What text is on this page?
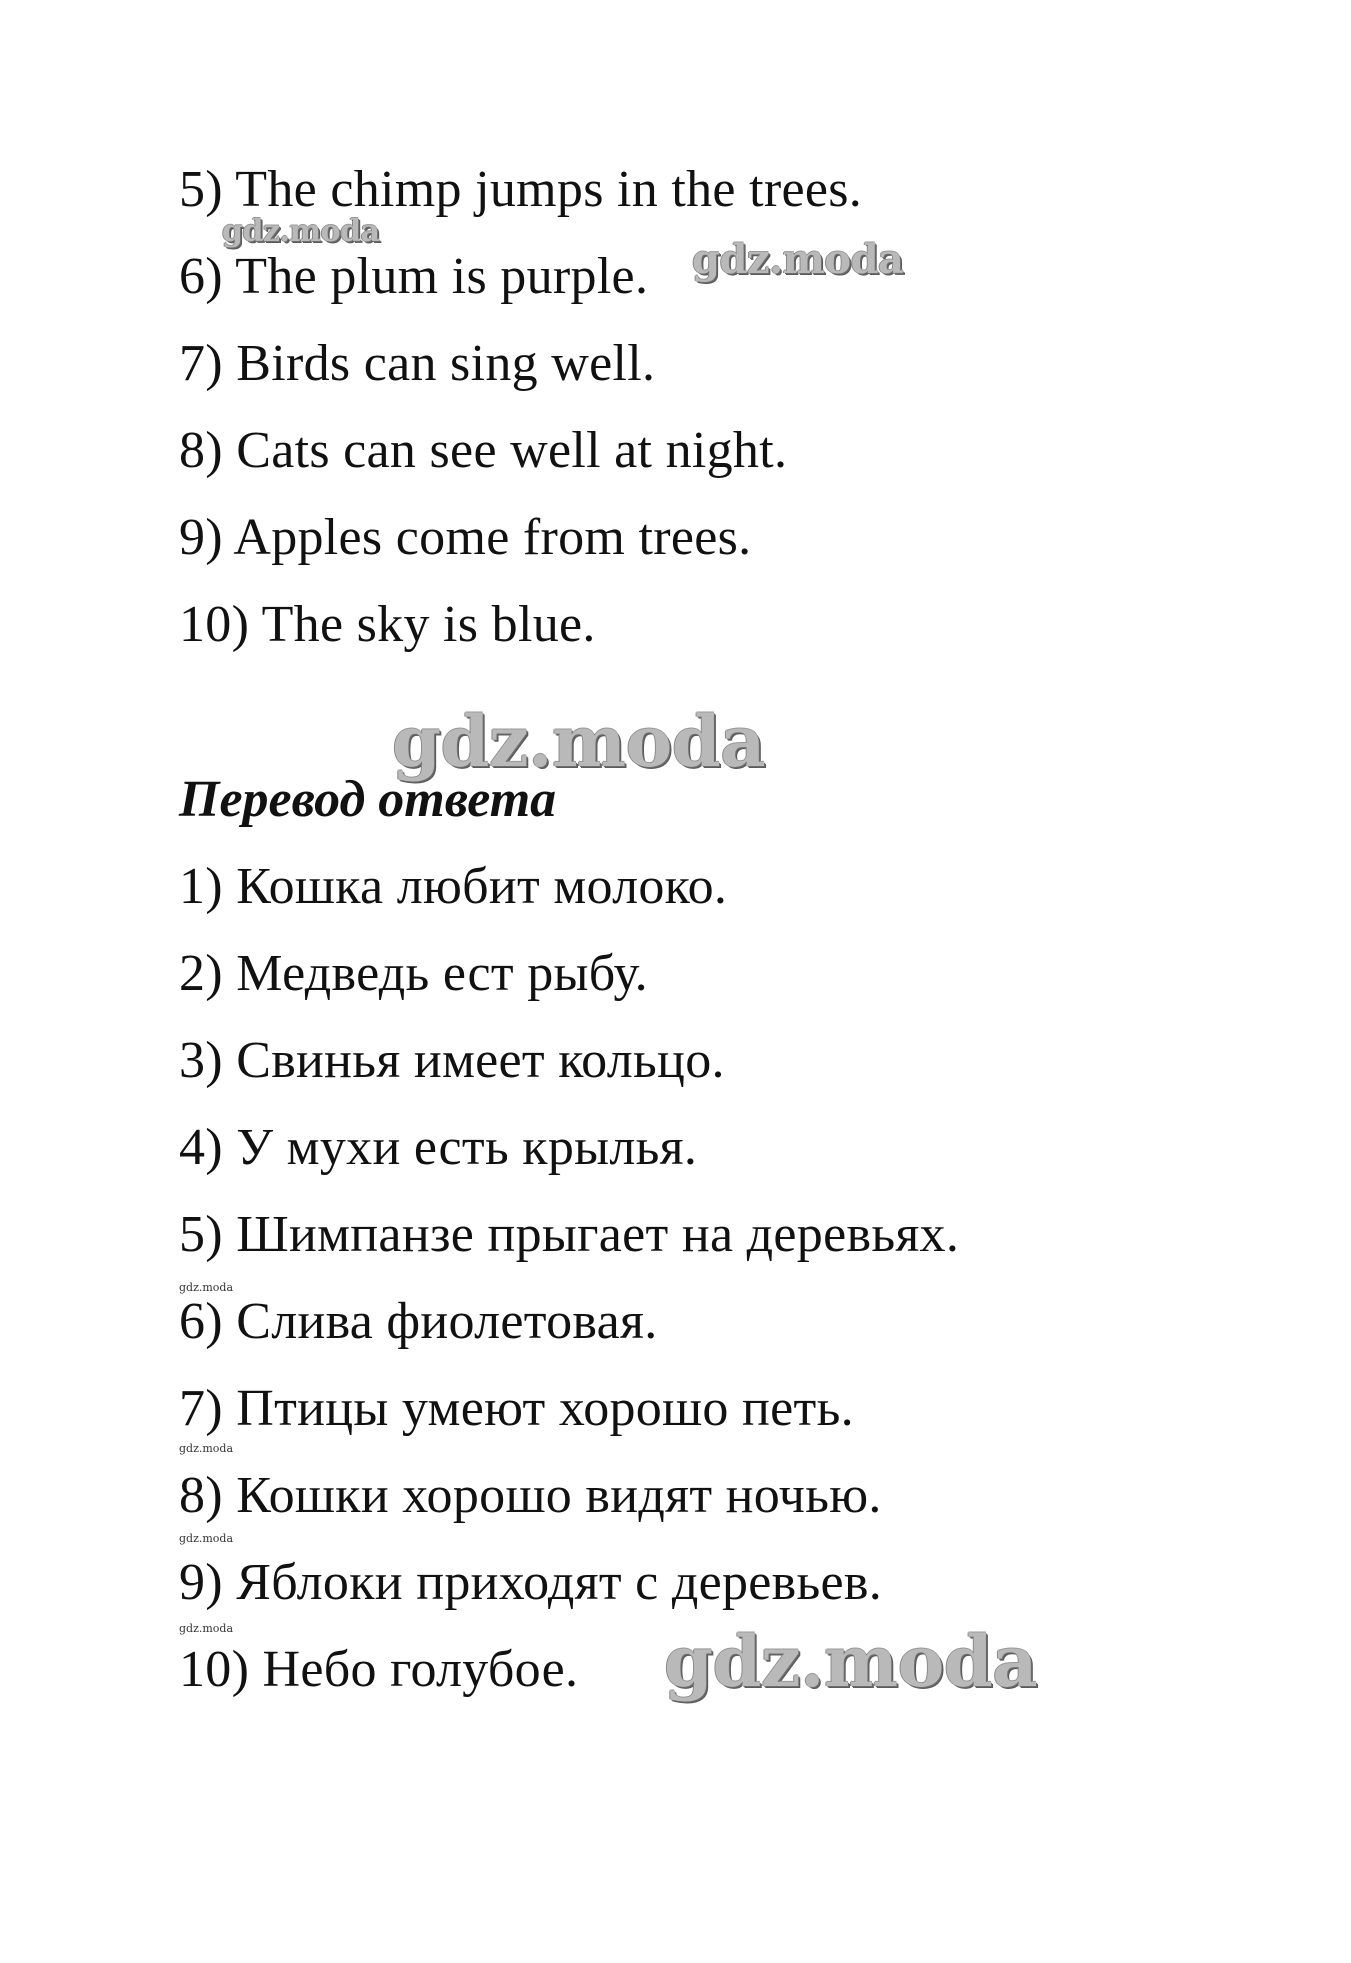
5) The chimp jumps in the trees.
6) The plum is purple.
7) Birds can sing well.
8) Cats can see well at night.
9) Apples come from trees.
10) The sky is blue.
Перевод ответа
1) Кошка любит молоко.
2) Медведь ест рыбу.
3) Свинья имеет кольцо.
4) У мухи есть крылья.
5) Шимпанзе прыгает на деревьях.
6) Слива фиолетовая.
7) Птицы умеют хорошо петь.
8) Кошки хорошо видят ночью.
9) Яблоки приходят с деревьев.
10) Небо голубое.
gdz.moda
gdz.moda
gdz.moda
gdz.moda
gdz.moda
gdz.moda
gdz.moda
gdz.moda
